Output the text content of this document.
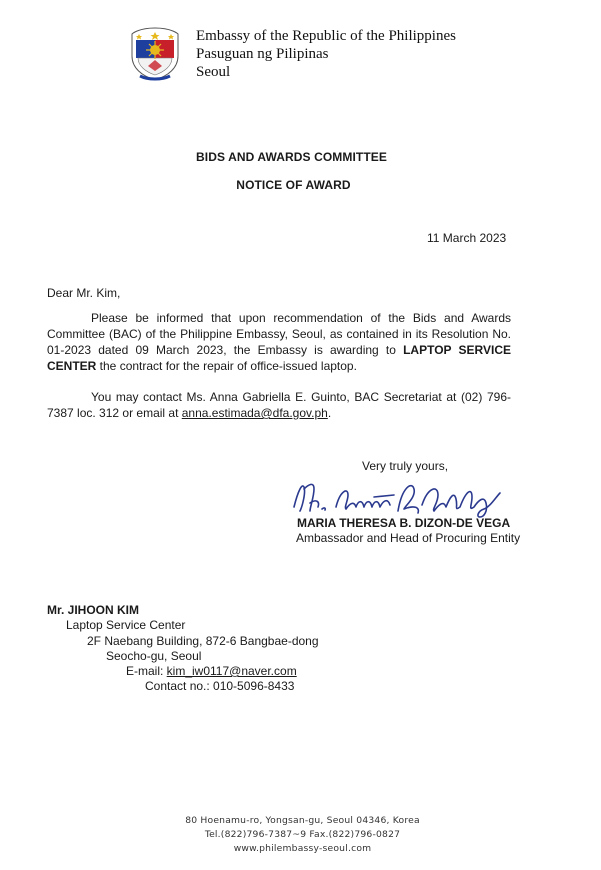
Embassy of the Republic of the Philippines
Pasuguan ng Pilipinas
Seoul
BIDS AND AWARDS COMMITTEE
NOTICE OF AWARD
11 March 2023
Dear Mr. Kim,

Please be informed that upon recommendation of the Bids and Awards Committee (BAC) of the Philippine Embassy, Seoul, as contained in its Resolution No. 01-2023 dated 09 March 2023, the Embassy is awarding to LAPTOP SERVICE CENTER the contract for the repair of office-issued laptop.

You may contact Ms. Anna Gabriella E. Guinto, BAC Secretariat at (02) 796-7387 loc. 312 or email at anna.estimada@dfa.gov.ph.

Very truly yours,
MARIA THERESA B. DIZON-DE VEGA
Ambassador and Head of Procuring Entity
Mr. JIHOON KIM
Laptop Service Center
2F Naebang Building, 872-6 Bangbae-dong
Seocho-gu, Seoul
E-mail: kim_iw0117@naver.com
Contact no.: 010-5096-8433
80 Hoenamu-ro, Yongsan-gu, Seoul 04346, Korea
Tel.(822)796-7387~9 Fax.(822)796-0827
www.philembassy-seoul.com
